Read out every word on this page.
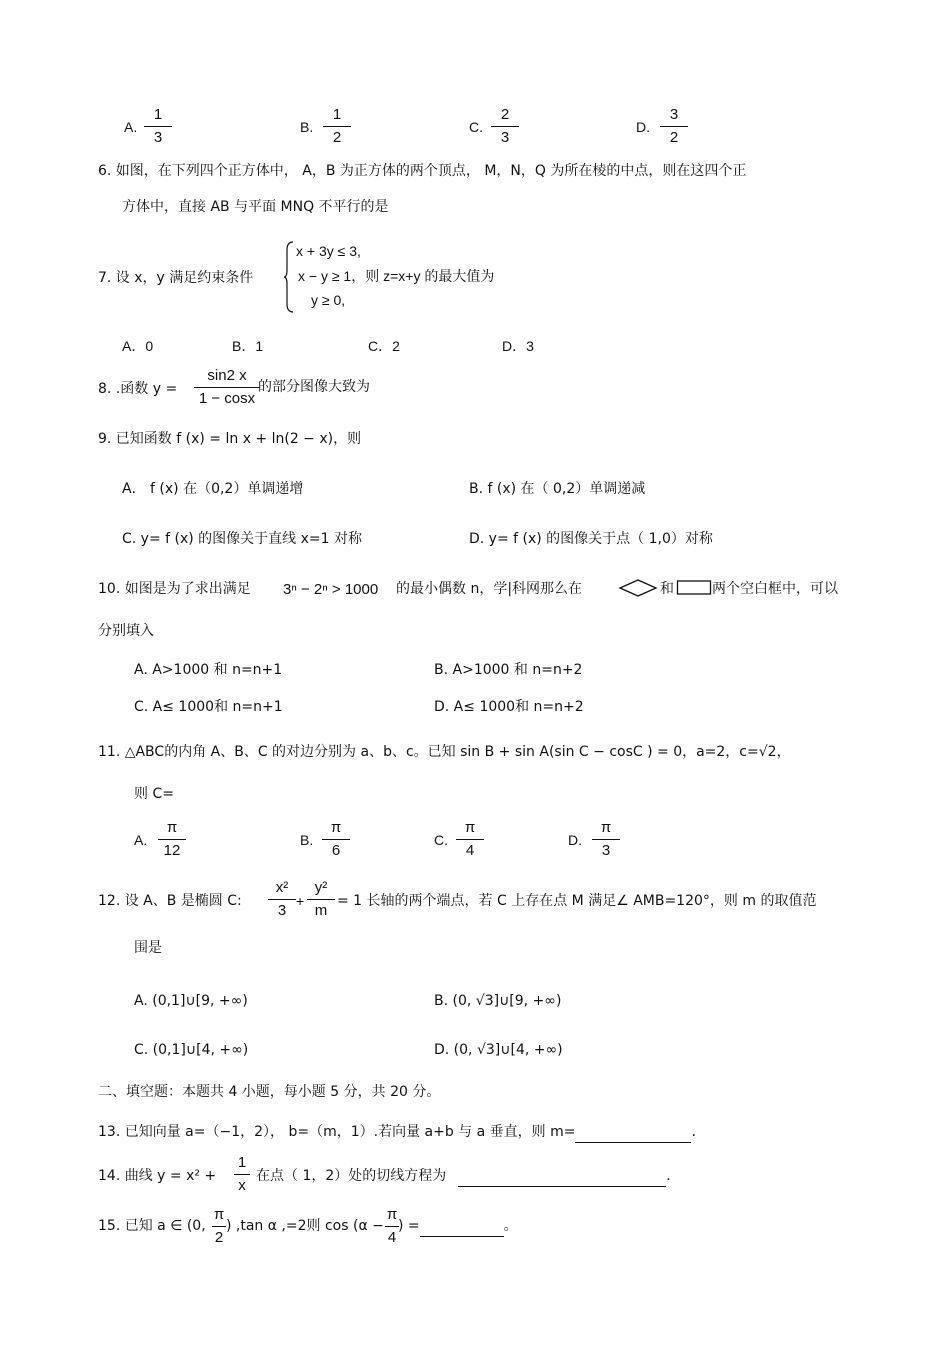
A.
1
3
B.
1
2
C.
2
3
D.
3
2
6. 如图，在下列四个正方体中， A，B 为正方体的两个顶点， M，N，Q 为所在棱的中点，则在这四个正
方体中，直接 AB 与平面 MNQ 不平行的是
7. 设 x，y 满足约束条件
x + 3y ≤ 3,
x − y ≥ 1，则 z=x+y 的最大值为
y ≥ 0,
A．0	B．1	C．2	D．3
8. .函数 y =
sin2 x
1 − cosx
的部分图像大致为
9. 已知函数 f (x) = ln x + ln(2 − x)，则
A． f (x) 在（0,2）单调递增	B. f (x) 在（ 0,2）单调递减
C. y= f (x) 的图像关于直线 x=1 对称	D. y= f (x) 的图像关于点（ 1,0）对称
10. 如图是为了求出满足 3ⁿ − 2ⁿ > 1000 的最小偶数 n，学|科网那么在	和	两个空白框中，可以
分别填入
A. A>1000 和 n=n+1	B. A>1000 和 n=n+2
C. A≤ 1000和 n=n+1	D. A≤ 1000和 n=n+2
11. △ABC的内角 A、B、C 的对边分别为 a、b、c。已知 sin B + sin A(sin C − cosC ) = 0，a=2，c=√2，
则 C=
A.
π
12
B.
π
6
C.
π
4
D.
π
3
12. 设 A、B 是椭圆 C:
x²
3
+
y²
m
= 1 长轴的两个端点，若 C 上存在点 M 满足∠ AMB=120°，则 m 的取值范
围是
A. (0,1]∪[9, +∞)	B. (0, √3]∪[9, +∞)
C. (0,1]∪[4, +∞)	D. (0, √3]∪[4, +∞)
二、填空题：本题共 4 小题，每小题 5 分，共 20 分。
13. 已知向量 a=（−1，2）， b=（m，1）.若向量 a+b 与 a 垂直，则 m=	.
14. 曲线 y = x² +
1
x
在点（ 1，2）处的切线方程为	.
15. 已知 a ∈ (0,
π
2
) ,tan α ,=2则 cos (α −
π
4
) =	。
